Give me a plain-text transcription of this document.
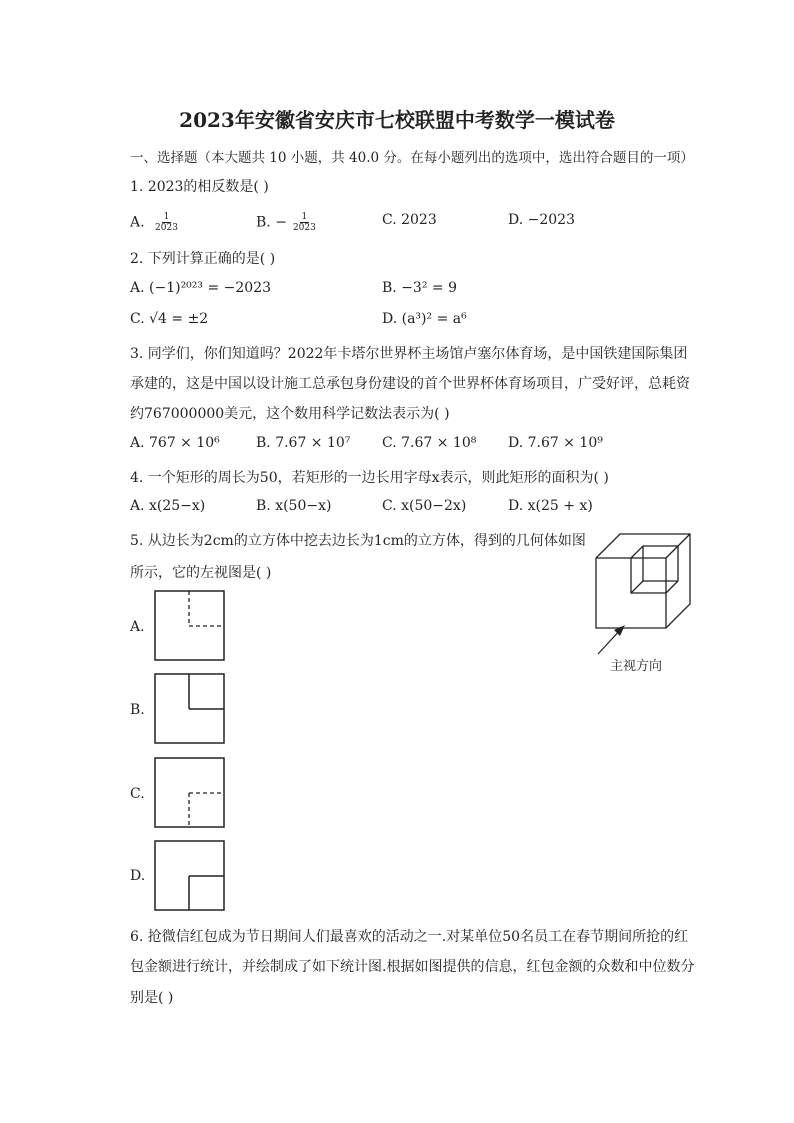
2023年安徽省安庆市七校联盟中考数学一模试卷
一、选择题（本大题共 10 小题，共 40.0 分。在每小题列出的选项中，选出符合题目的一项）
1. 2023的相反数是( )
A. $\frac{1}{2023}$	B. − $\frac{1}{2023}$	C. 2023	D. −2023
2. 下列计算正确的是( )
A. (−1)²⁰²³ = −2023	B. −3² = 9
C. √4 = ±2	D. (a³)² = a⁶
3. 同学们，你们知道吗？2022年卡塔尔世界杯主场馆卢塞尔体育场，是中国铁建国际集团
承建的，这是中国以设计施工总承包身份建设的首个世界杯体育场项目，广受好评，总耗资
约767000000美元，这个数用科学记数法表示为( )
A. 767 × 10⁶	B. 7.67 × 10⁷ C. 7.67 × 10⁸ D. 7.67 × 10⁹
4. 一个矩形的周长为50，若矩形的一边长用字母x表示，则此矩形的面积为( )
A. x(25−x)	B. x(50−x)	C. x(50−2x)	D. x(25 + x)
5. 从边长为2cm的立方体中挖去边长为1cm的立方体，得到的几何体如图
所示，它的左视图是( )
主视方向
A.
B.
C.
D.
6. 抢微信红包成为节日期间人们最喜欢的活动之一.对某单位50名员工在春节期间所抢的红
包金额进行统计，并绘制成了如下统计图.根据如图提供的信息，红包金额的众数和中位数分
别是( )
